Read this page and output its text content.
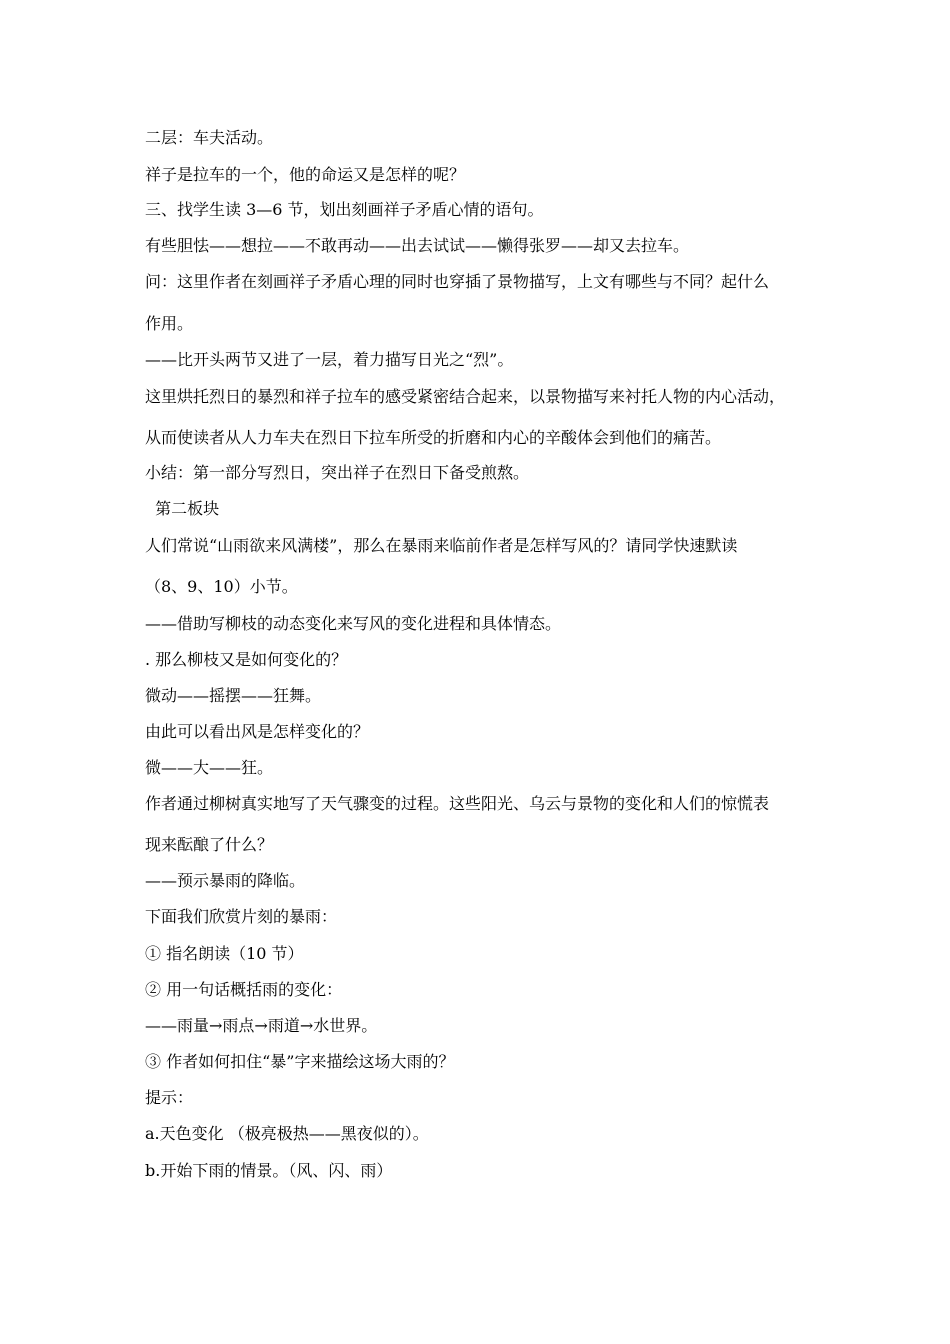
二层：车夫活动。
祥子是拉车的一个，他的命运又是怎样的呢？
三、找学生读 3—6 节，划出刻画祥子矛盾心情的语句。
有些胆怯——想拉——不敢再动——出去试试——懒得张罗——却又去拉车。
问：这里作者在刻画祥子矛盾心理的同时也穿插了景物描写，上文有哪些与不同？起什么
作用。
——比开头两节又进了一层，着力描写日光之“烈”。
这里烘托烈日的暴烈和祥子拉车的感受紧密结合起来，以景物描写来衬托人物的内心活动，
从而使读者从人力车夫在烈日下拉车所受的折磨和内心的辛酸体会到他们的痛苦。
小结：第一部分写烈日，突出祥子在烈日下备受煎熬。
第二板块
人们常说“山雨欲来风满楼”，那么在暴雨来临前作者是怎样写风的？请同学快速默读
（8、9、10）小节。
——借助写柳枝的动态变化来写风的变化进程和具体情态。
. 那么柳枝又是如何变化的？
微动——摇摆——狂舞。
由此可以看出风是怎样变化的？
微——大——狂。
作者通过柳树真实地写了天气骤变的过程。这些阳光、乌云与景物的变化和人们的惊慌表
现来酝酿了什么？
——预示暴雨的降临。
下面我们欣赏片刻的暴雨：
① 指名朗读（10 节）
② 用一句话概括雨的变化：
——雨量→雨点→雨道→水世界。
③ 作者如何扣住“暴”字来描绘这场大雨的？
提示：
a.天色变化 （极亮极热——黑夜似的）。
b.开始下雨的情景。（风、闪、雨）
